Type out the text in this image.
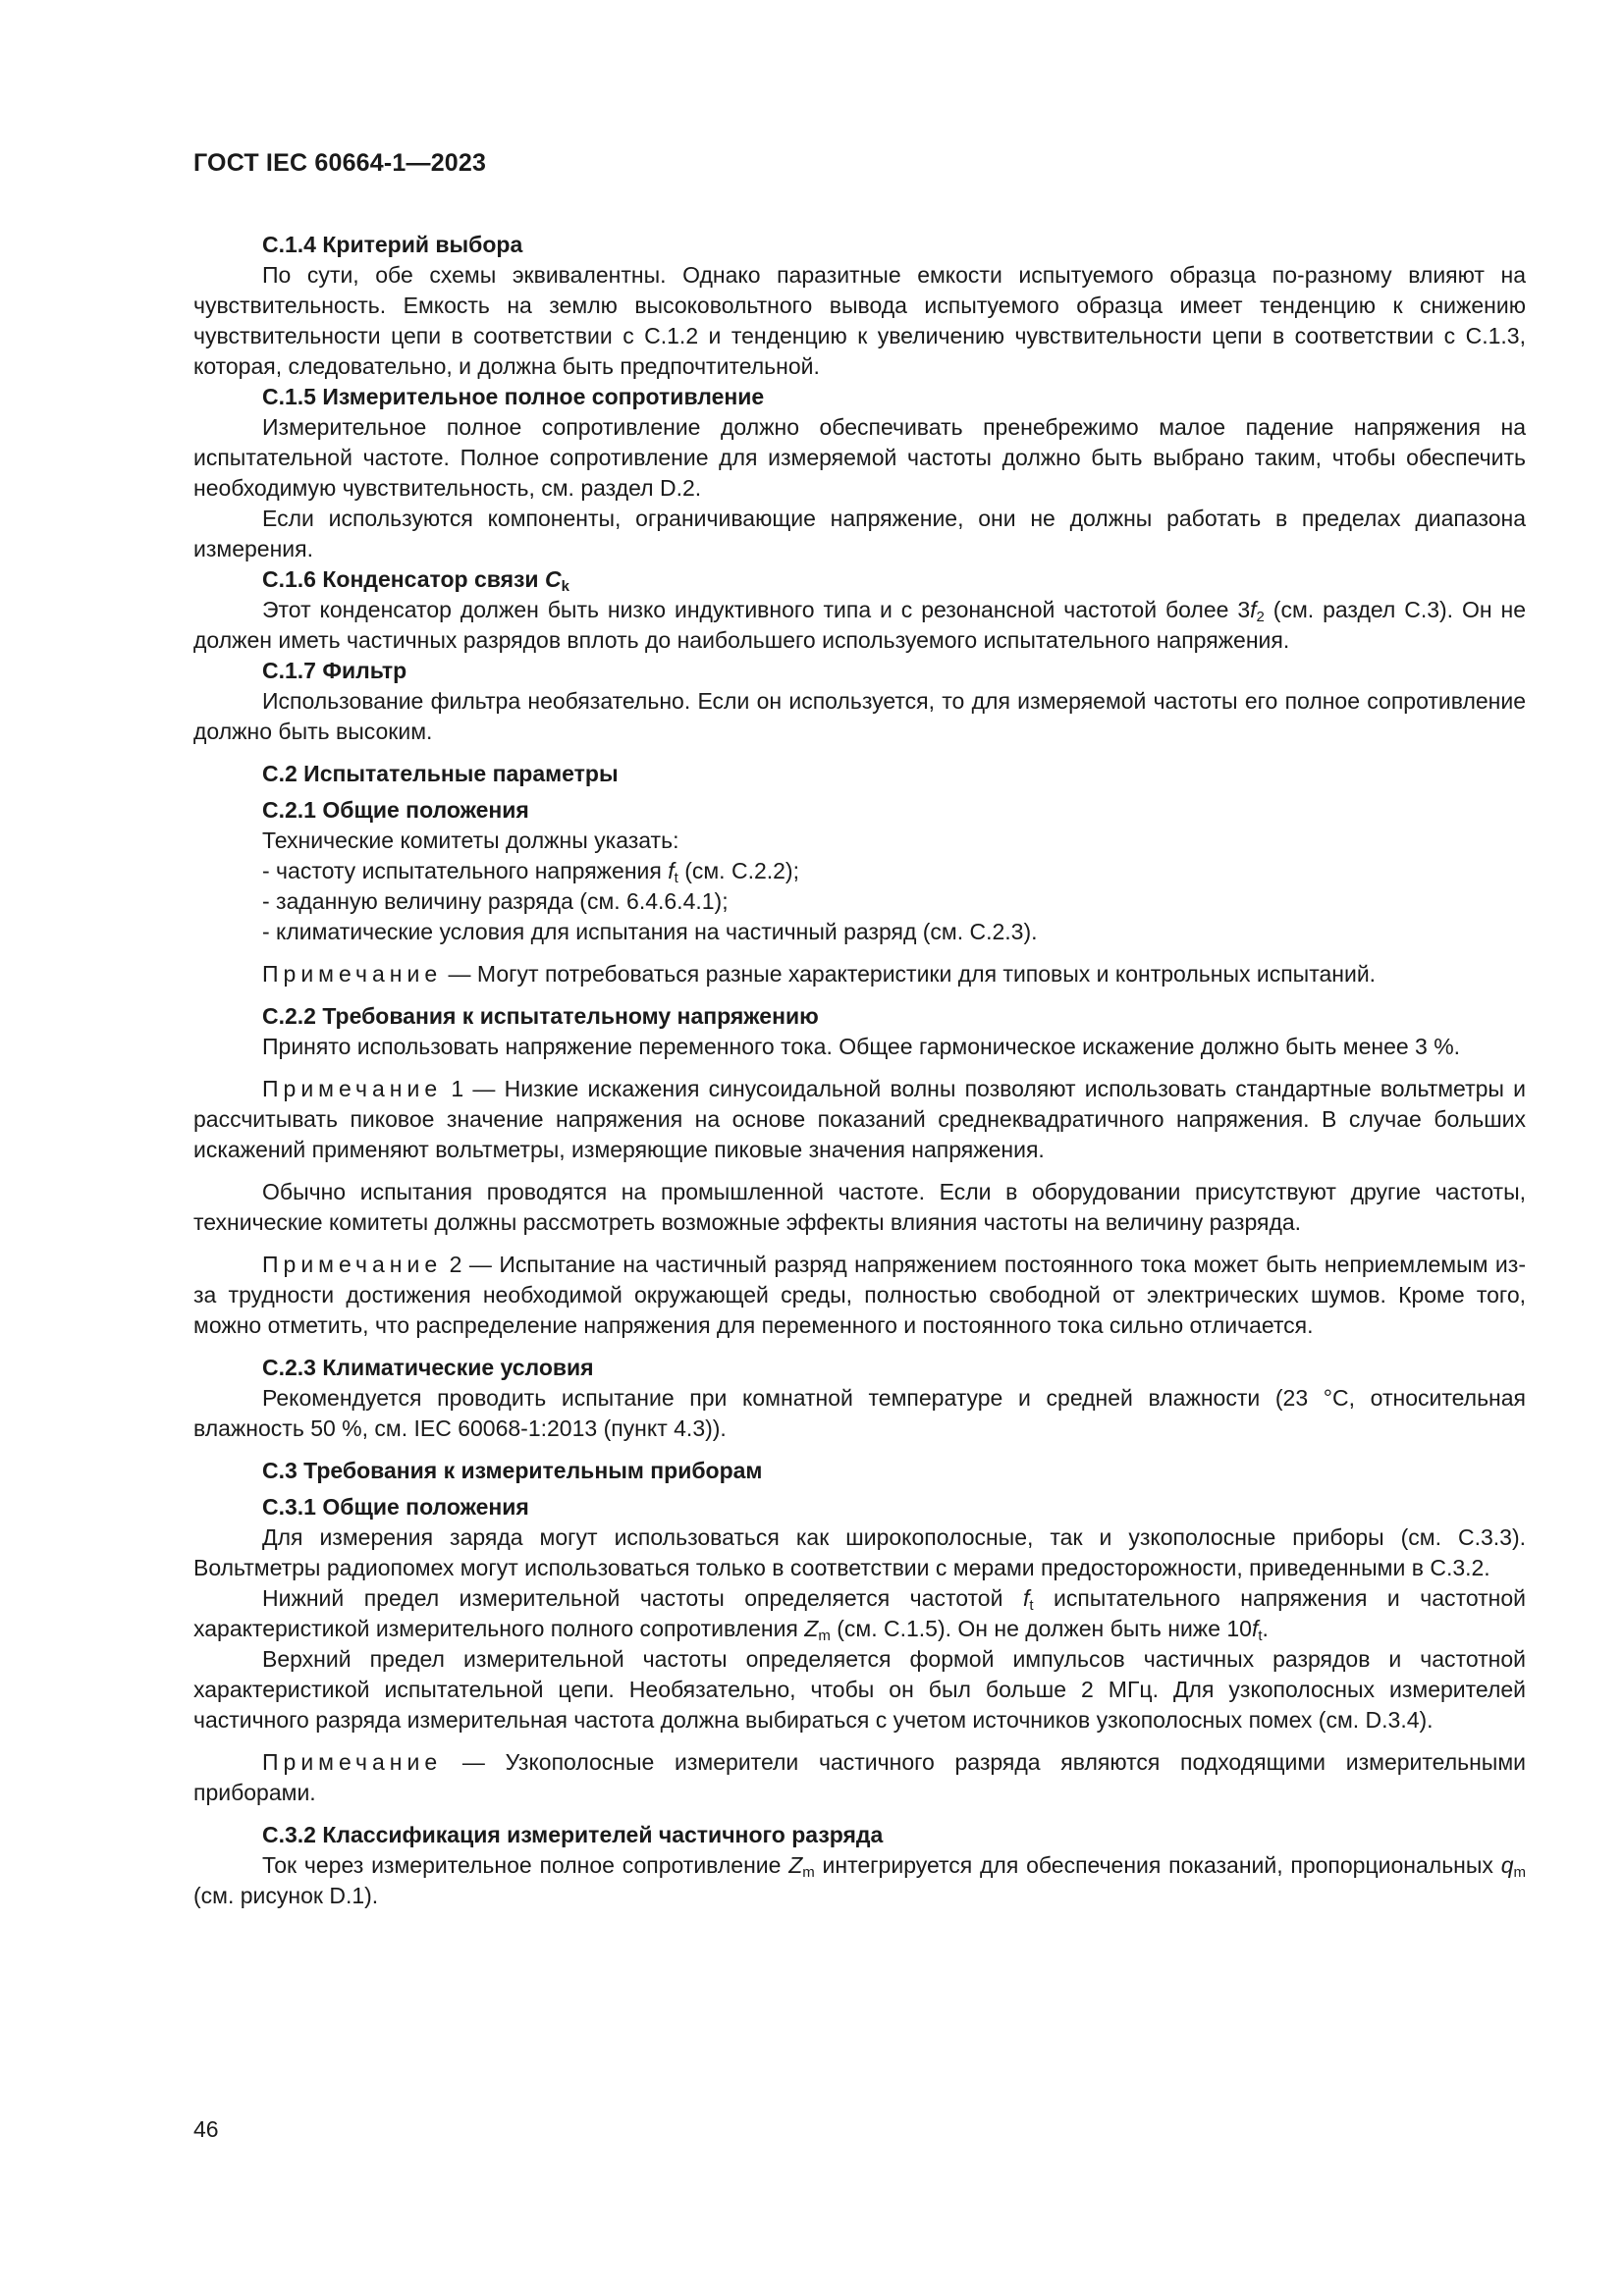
ГОСТ IEC 60664-1—2023
С.1.4 Критерий выбора
По сути, обе схемы эквивалентны. Однако паразитные емкости испытуемого образца по-разному влияют на чувствительность. Емкость на землю высоковольтного вывода испытуемого образца имеет тенденцию к снижению чувствительности цепи в соответствии с С.1.2 и тенденцию к увеличению чувствительности цепи в соответствии с С.1.3, которая, следовательно, и должна быть предпочтительной.
С.1.5 Измерительное полное сопротивление
Измерительное полное сопротивление должно обеспечивать пренебрежимо малое падение напряжения на испытательной частоте. Полное сопротивление для измеряемой частоты должно быть выбрано таким, чтобы обеспечить необходимую чувствительность, см. раздел D.2.
Если используются компоненты, ограничивающие напряжение, они не должны работать в пределах диапазона измерения.
С.1.6 Конденсатор связи $C_k$
Этот конденсатор должен быть низко индуктивного типа и с резонансной частотой более $3f_2$ (см. раздел С.3). Он не должен иметь частичных разрядов вплоть до наибольшего используемого испытательного напряжения.
С.1.7 Фильтр
Использование фильтра необязательно. Если он используется, то для измеряемой частоты его полное сопротивление должно быть высоким.
С.2 Испытательные параметры
С.2.1 Общие положения
Технические комитеты должны указать:
- частоту испытательного напряжения $f_t$ (см. С.2.2);
- заданную величину разряда (см. 6.4.6.4.1);
- климатические условия для испытания на частичный разряд (см. С.2.3).
Примечание — Могут потребоваться разные характеристики для типовых и контрольных испытаний.
С.2.2 Требования к испытательному напряжению
Принято использовать напряжение переменного тока. Общее гармоническое искажение должно быть менее 3 %.
Примечание 1 — Низкие искажения синусоидальной волны позволяют использовать стандартные вольтметры и рассчитывать пиковое значение напряжения на основе показаний среднеквадратичного напряжения. В случае больших искажений применяют вольтметры, измеряющие пиковые значения напряжения.
Обычно испытания проводятся на промышленной частоте. Если в оборудовании присутствуют другие частоты, технические комитеты должны рассмотреть возможные эффекты влияния частоты на величину разряда.
Примечание 2 — Испытание на частичный разряд напряжением постоянного тока может быть неприемлемым из-за трудности достижения необходимой окружающей среды, полностью свободной от электрических шумов. Кроме того, можно отметить, что распределение напряжения для переменного и постоянного тока сильно отличается.
С.2.3 Климатические условия
Рекомендуется проводить испытание при комнатной температуре и средней влажности (23 °С, относительная влажность 50 %, см. IEC 60068-1:2013 (пункт 4.3)).
С.3 Требования к измерительным приборам
С.3.1 Общие положения
Для измерения заряда могут использоваться как широкополосные, так и узкополосные приборы (см. С.3.3). Вольтметры радиопомех могут использоваться только в соответствии с мерами предосторожности, приведенными в С.3.2.
Нижний предел измерительной частоты определяется частотой $f_t$ испытательного напряжения и частотной характеристикой измерительного полного сопротивления $Z_m$ (см. С.1.5). Он не должен быть ниже $10f_t$.
Верхний предел измерительной частоты определяется формой импульсов частичных разрядов и частотной характеристикой испытательной цепи. Необязательно, чтобы он был больше 2 МГц. Для узкополосных измерителей частичного разряда измерительная частота должна выбираться с учетом источников узкополосных помех (см. D.3.4).
Примечание — Узкополосные измерители частичного разряда являются подходящими измерительными приборами.
С.3.2 Классификация измерителей частичного разряда
Ток через измерительное полное сопротивление $Z_m$ интегрируется для обеспечения показаний, пропорциональных $q_m$ (см. рисунок D.1).
46
